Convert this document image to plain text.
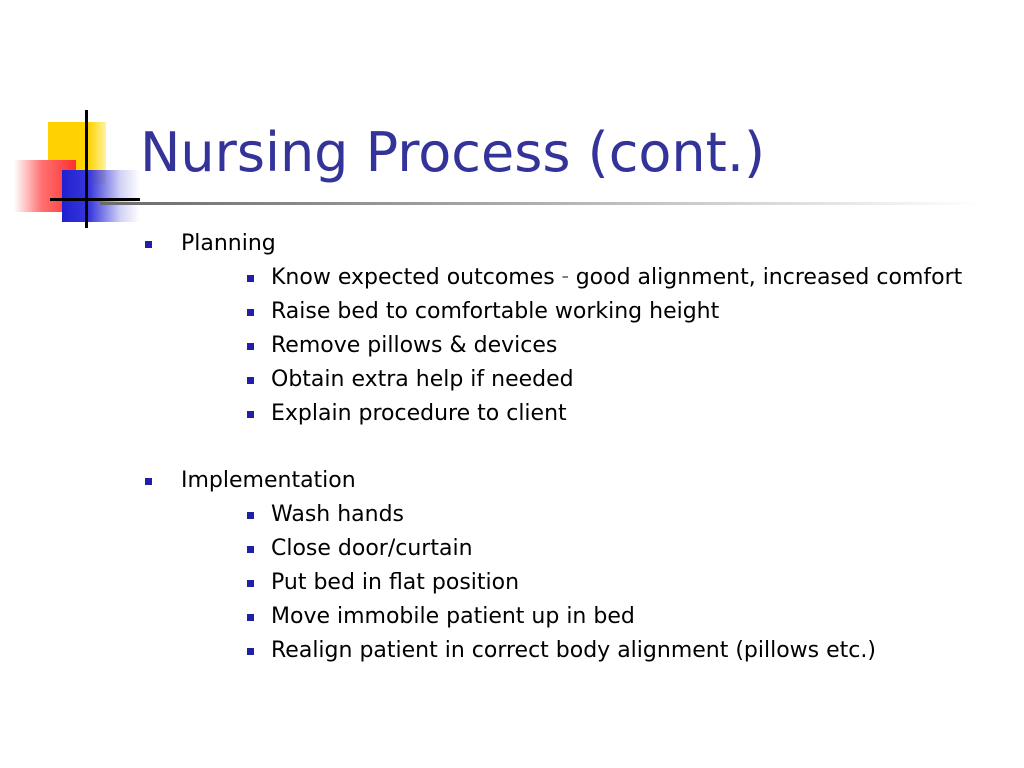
Nursing Process (cont.)
Planning
Know expected outcomes – good alignment, increased comfort
Raise bed to comfortable working height
Remove pillows & devices
Obtain extra help if needed
Explain procedure to client
Implementation
Wash hands
Close door/curtain
Put bed in flat position
Move immobile patient up in bed
Realign patient in correct body alignment (pillows etc.)
